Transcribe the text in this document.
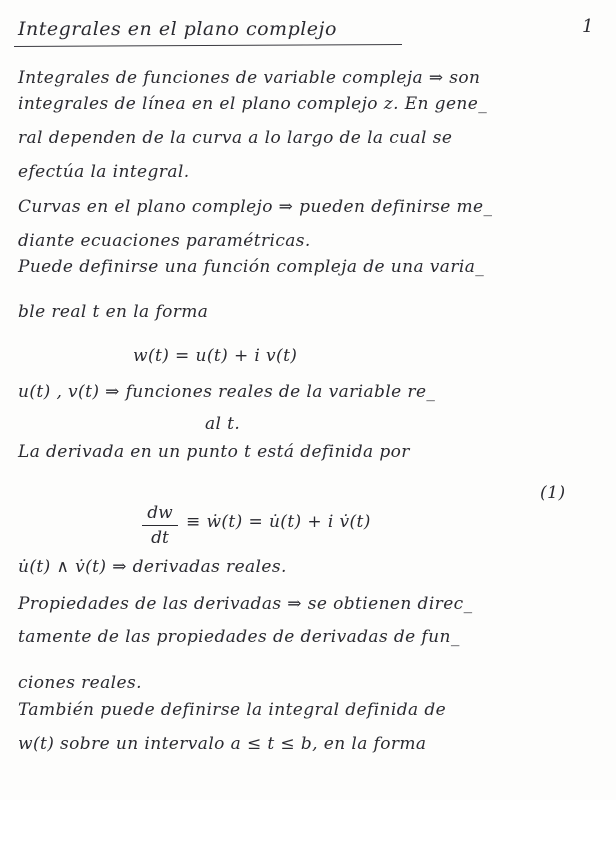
Integrales en el plano complejo	1
Integrales de funciones de variable compleja ⇒ son
integrales de línea en el plano complejo z. En gene_
ral dependen de la curva a lo largo de la cual se
efectúa la integral.
Curvas en el plano complejo ⇒ pueden definirse me_
diante ecuaciones paramétricas.
Puede definirse una función compleja de una varia_
ble real t en la forma
w(t) = u(t) + i v(t)
u(t) , v(t) ⇒ funciones reales de la variable re_
al t.
La derivada en un punto t está definida por
dw
dt
≡ ẇ(t) = u̇(t) + i v̇(t)
(1)
u̇(t) ∧ v̇(t) ⇒ derivadas reales.
Propiedades de las derivadas ⇒ se obtienen direc_
tamente de las propiedades de derivadas de fun_
ciones reales.
También puede definirse la integral definida de
w(t) sobre un intervalo a ≤ t ≤ b, en la forma
